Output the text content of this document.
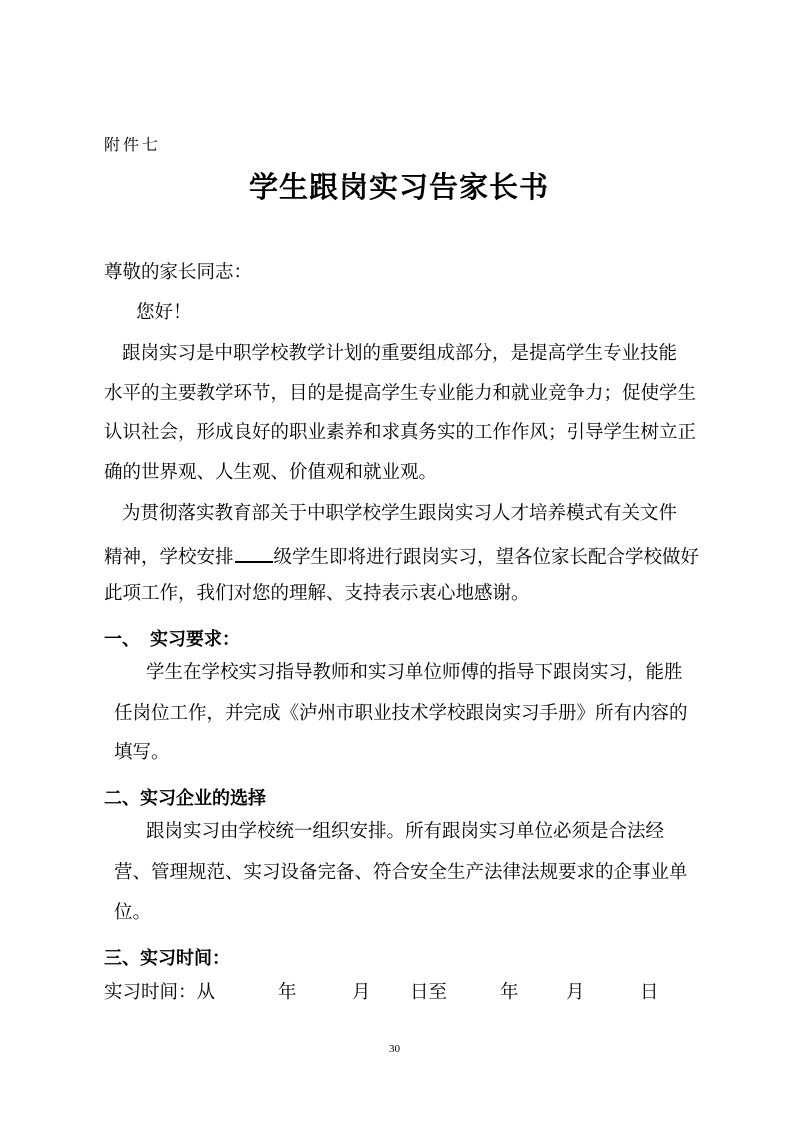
附件七
学生跟岗实习告家长书
尊敬的家长同志：
您好！
跟岗实习是中职学校教学计划的重要组成部分，是提高学生专业技能
水平的主要教学环节，目的是提高学生专业能力和就业竞争力；促使学生
认识社会，形成良好的职业素养和求真务实的工作作风；引导学生树立正
确的世界观、人生观、价值观和就业观。
为贯彻落实教育部关于中职学校学生跟岗实习人才培养模式有关文件
精神，学校安排 级学生即将进行跟岗实习，望各位家长配合学校做好
此项工作，我们对您的理解、支持表示衷心地感谢。
一、 实习要求：
学生在学校实习指导教师和实习单位师傅的指导下跟岗实习，能胜
任岗位工作，并完成《泸州市职业技术学校跟岗实习手册》所有内容的
填写。
二、实习企业的选择
跟岗实习由学校统一组织安排。所有跟岗实习单位必须是合法经
营、管理规范、实习设备完备、符合安全生产法律法规要求的企事业单
位。
三、实习时间：
实习时间：从	年	月 日至	年	月	日
30
